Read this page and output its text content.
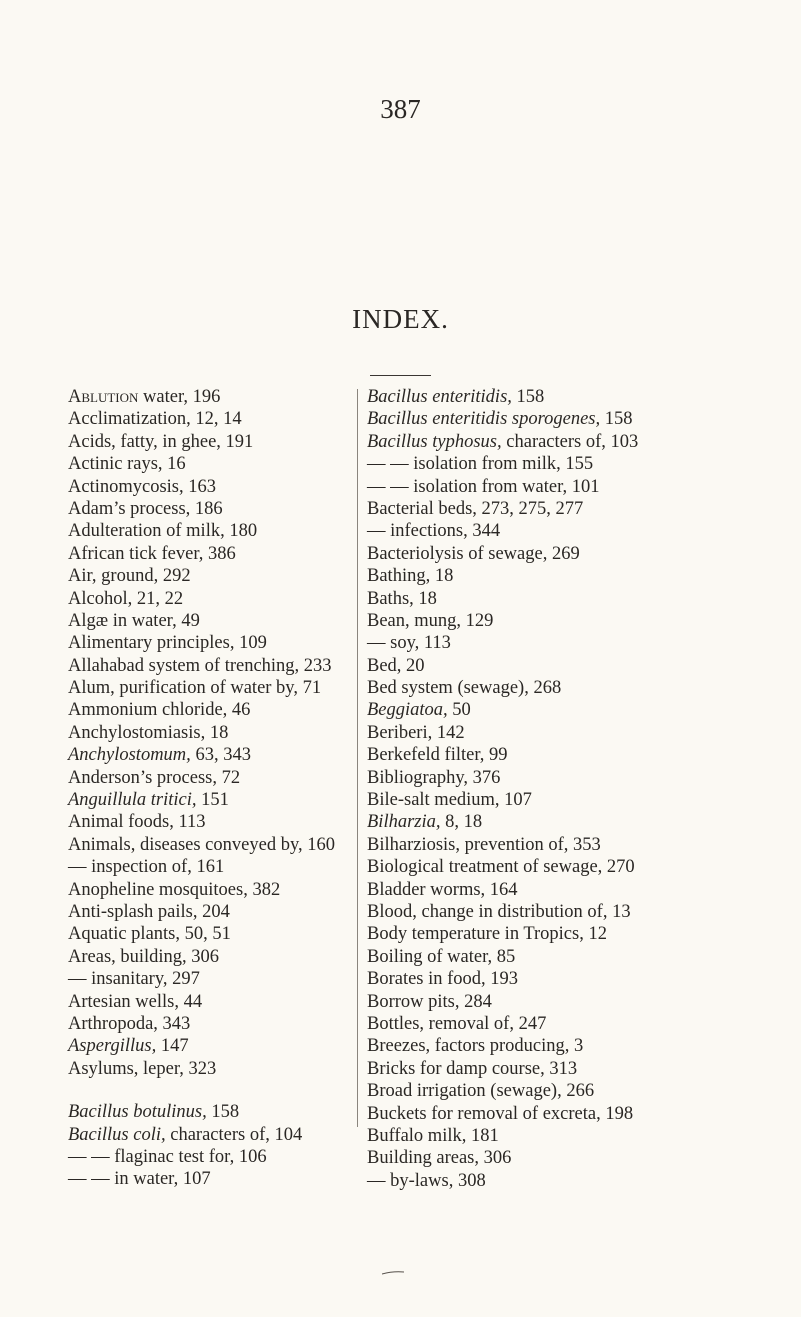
387
INDEX.
Ablution water, 196
Acclimatization, 12, 14
Acids, fatty, in ghee, 191
Actinic rays, 16
Actinomycosis, 163
Adam’s process, 186
Adulteration of milk, 180
African tick fever, 386
Air, ground, 292
Alcohol, 21, 22
Algæ in water, 49
Alimentary principles, 109
Allahabad system of trenching, 233
Alum, purification of water by, 71
Ammonium chloride, 46
Anchylostomiasis, 18
Anchylostomum, 63, 343
Anderson’s process, 72
Anguillula tritici, 151
Animal foods, 113
Animals, diseases conveyed by, 160
— inspection of, 161
Anopheline mosquitoes, 382
Anti-splash pails, 204
Aquatic plants, 50, 51
Areas, building, 306
— insanitary, 297
Artesian wells, 44
Arthropoda, 343
Aspergillus, 147
Asylums, leper, 323
Bacillus botulinus, 158
Bacillus coli, characters of, 104
— — flaginac test for, 106
— — in water, 107
Bacillus enteritidis, 158
Bacillus enteritidis sporogenes, 158
Bacillus typhosus, characters of, 103
— — isolation from milk, 155
— — isolation from water, 101
Bacterial beds, 273, 275, 277
— infections, 344
Bacteriolysis of sewage, 269
Bathing, 18
Baths, 18
Bean, mung, 129
— soy, 113
Bed, 20
Bed system (sewage), 268
Beggiatoa, 50
Beriberi, 142
Berkefeld filter, 99
Bibliography, 376
Bile-salt medium, 107
Bilharzia, 8, 18
Bilharziosis, prevention of, 353
Biological treatment of sewage, 270
Bladder worms, 164
Blood, change in distribution of, 13
Body temperature in Tropics, 12
Boiling of water, 85
Borates in food, 193
Borrow pits, 284
Bottles, removal of, 247
Breezes, factors producing, 3
Bricks for damp course, 313
Broad irrigation (sewage), 266
Buckets for removal of excreta, 198
Buffalo milk, 181
Building areas, 306
— by-laws, 308
